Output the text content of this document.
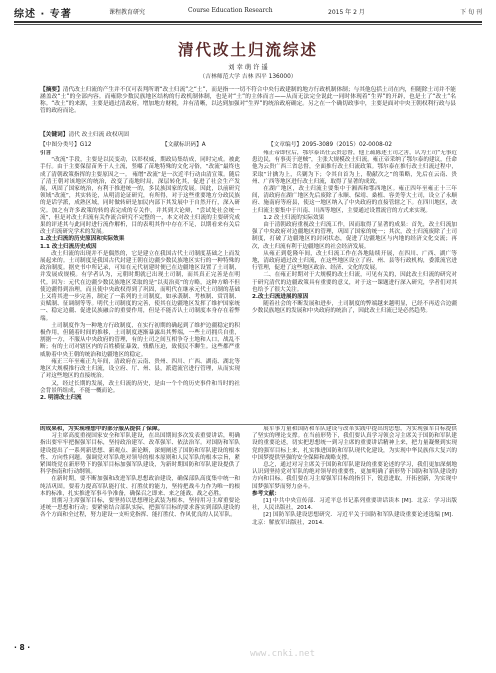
综述 · 专著	课程教育研究	Course Education Research	2015 年 2 月	下 旬 刊
清代改土归流综述
刘 幸 萌 许 遥
（吉林师范大学 吉林 四平 136000）
【摘要】清代改土归流的产生并不仅可表判所谓“改土归流”之“土”，而是指一一切不符合中央行政建制的地方行政机制体制；与其他包括土司在内，但随除土司并不能涵盖改“土”的全部内容。而雍除少数民族地区结构的行政机制体制，也是对“土”的主体而言——从而无法完全说此一同时体现着“生界”的开辟，也是土了“改土”名称。“改土”的来源，主要是通过清政府，增加地方财税，并有清晰，以达到加强对“生界”的统治政府确定。另之在一个确切政事中，主要是面对中央王朝权利行政与县管的政府而论。
【关键词】清代 改土归流 政权巩固
【中图分类号】G12	【文献标识码】A	【文章编号】2095-3089（2015）02-0008-02

引言

“改流”手段，主要是以民变动，以彰权威，期政局集结成，同时完成。被此手行。由于主要保留苗务于人土流，竖嘟了苗地特殊的文化习俗，“改流”最终也成了清朝政策指挥的主要原因之一。 雍缯“改流”是一次近半行动由清宣策。随后了清王朝对该地区的统治，改变了南地时局，深层转化其，促进了社会生产发展，巩固了国家统治，有利于推进统一的，多民族国家的发展。因此，以前研究领域“改流”，其实转论，从明清论证研究，有所得，对于这些重要地方分政民族的是话学派，成熟区域，同时做转研是加民内部下其发展中于自然开行，深入研究。加之有许多政策的转的表完成的专关作，并其到大论辩，“尝试处社会统一流”，但是对改土归流有关作流合研究不完整的一，本文对改土归流的主要研究成果的评述其与此同时进行流作解析，目的表明其作中存在不足，以期看来有关后改土归流研究学术的发展。

1.改土归流的历史原因和实际效果

1.1 改土归流历史成因

改土归流的出现并不是偶然的，它是建立在我国古代土司制度基础之上而发展起来的。土司制度是我国古代封建王朝在边疆少数民族地区实行的一种特殊的政治制度。据史书中所记录，可知在元代初建时便已在边疆地区设置了土司制，并发展成规模。有学者认为，元朝时期就已出现土司制，而其真正完善是在明代。因为：元代在边疆少数民族地区采取的是“以夷治夷”的方略，这种方略不但使边疆得到治理，而且使中央政权得到了巩固，而明代在继承元代土司制的基础上又将其进一步完善，制定了一系列的土司制度，如承袭制、考核制、赏罚制、贡赋制、征调制等等。明代土司制度的完善，使其在边疆地区发挥了维护国家统一、稳定边疆、促进民族融合的重要作用，但是不能否认土司制度本身存在着弊端。

土司制度作为一种地方行政制度，在实行初期的确起到了维护边疆稳定的积极作用，但随着时间的推移，土司制度逐渐暴露出其弊端，一些土司拥兵自重，割据一方，不服从中央政府的管理，有的土司之间互相争夺土地和人口，战乱不断；有的土司对辖区内的百姓横征暴敛，残酷压迫，致使民不聊生。这些都严重威胁着中央王朝的统治和边疆地区的稳定。

雍正三年至雍正九年间，清政府在云南、贵州、四川、广西、湖南、湖北等地区大规模推行改土归流，设立府、厅、州、县，派遣流官进行管理，从而实现了对这些地区的直接统治。

又，经过长期的发展，改土归流的历史，是由一个个的历史事件和当时的社会背景所组成，不能一概而论。

2. 明清改土归流

雍正帝即位后，鄂尔泰出任云贵总督，他上疏陈述土司之害，认为土司“无事近患边民，有事夷于逆贼”，主张大规模改土归流。雍正帝采纳了鄂尔泰的建议，任命他为云贵广西三省总督，全面推行改土归流政策。鄂尔泰在推行改土归流过程中，采取“计擒为上，兵剿为下；令其自首为上，勒献次之”的策略，先后在云南、贵州、广西等地区进行改土归流，取得了显著的成效。

在湖广地区，改土归流主要集中于湘西和鄂西地区。雍正四年至雍正十三年间，清政府在湖广地区先后废除了永顺、保靖、桑植、容美等大土司，设立了永顺府、施南府等府县，使这一地区纳入了中央政府的直接管辖之下。在四川地区，改土归流主要集中于川南、川西等地区，主要通过设置流官的方式来实现。

1.2 改土归流的实际效果

由于清朝政府重视改土归流工作，因而取得了显著的成果：首先，改土归流加强了中央政府对边疆地区的管理，巩固了国家的统一；其次，改土归流废除了土司制度，打破了边疆地区的封闭状态，促进了边疆地区与内地的经济文化交流；再次，改土归流有利于边疆地区的社会经济发展。

从雍正到乾隆年间，改土归流工作在各地陆续开展，在四川、广西、湖广等地，清政府通过改土归流，在这些地区设立了府、州、县等行政机构，委派流官进行管理，促进了这些地区政治、经济、文化的发展。

二、在雍正时期对于大规模的改土归流，可见有关的，因此改土归流的研究对于研究清代的边疆政策具有重要的意义，对于这一课题进行深入研究，学者们对其也给予了很大关注。

2.改土归流进展的原因

随着社会的不断发展和进步，土司制度的弊端越来越明显，已经不再适合边疆少数民族地区的发展和中央政府的统治了，因此改土归流已是必然趋势。

的成果和，为实现理想中的部分服从提供了保障。

习主席高度重视国家安全和军队建设，在出国期间多次发表重要讲话，明确指出要牢牢把握强军目标，坚持政治建军、改革强军、依法治军。对国防和军队建设提出了一系列新思想、新观点、新论断，深刻阐述了国防和军队建设的根本性、方向性问题。强调党对军队绝对领导的根本原则和人民军队的根本宗旨，紧紧围绕党在新形势下的强军目标加强军队建设，为新时期国防和军队建设提供了科学指南和行动纲领。

在新时期，要不断加强和改进军队思想政治建设，确保部队高度集中统一和纯洁巩固。要着力提高军队能打仗、打胜仗的能力，坚持把战斗力作为唯一的根本的标准，扎实推进军事斗争准备，确保召之即来、来之能战、战之必胜。

贯彻习主席强军目标，要坚持以思想理论武装为根本，坚持用习主席重要论述统一思想和行动；要紧密结合部队实际，把强军目标的要求落实到部队建设的各个方面和全过程，努力建设一支听党指挥、能打胜仗、作风优良的人民军队。

展军事力量和国防和军队建设与改革实践中提出的思想，为实现强军目标提供了坚实的理论支撑。在当前形势下，我们要认真学习领会习主席关于国防和军队建设的重要论述，切实把思想统一到习主席的重要讲话精神上来，把力量凝聚到实现党的强军目标上来，扎实推进国防和军队现代化建设，为实现中华民族伟大复兴的中国梦提供坚强的安全保障和战略支撑。

总之，通过对习主席关于国防和军队建设的重要论述的学习，我们更加深刻地认识到坚持党对军队的绝对领导的重要性，更加明确了新形势下国防和军队建设的方向和目标。我们要在习主席强军目标的指引下，锐意进取，开拓创新，为实现中国梦强军梦而努力奋斗。

参考文献：

[1] 中共中央宣传部．习近平总书记系列重要讲话读本 [M]．北京：学习出版社，人民出版社，2014．

[2] 国防军队建设思想研究．习近平关于国防和军队建设重要论述选编 [M]．北京：解放军出版社，2014．

· 8 ·
www.cnki.net
